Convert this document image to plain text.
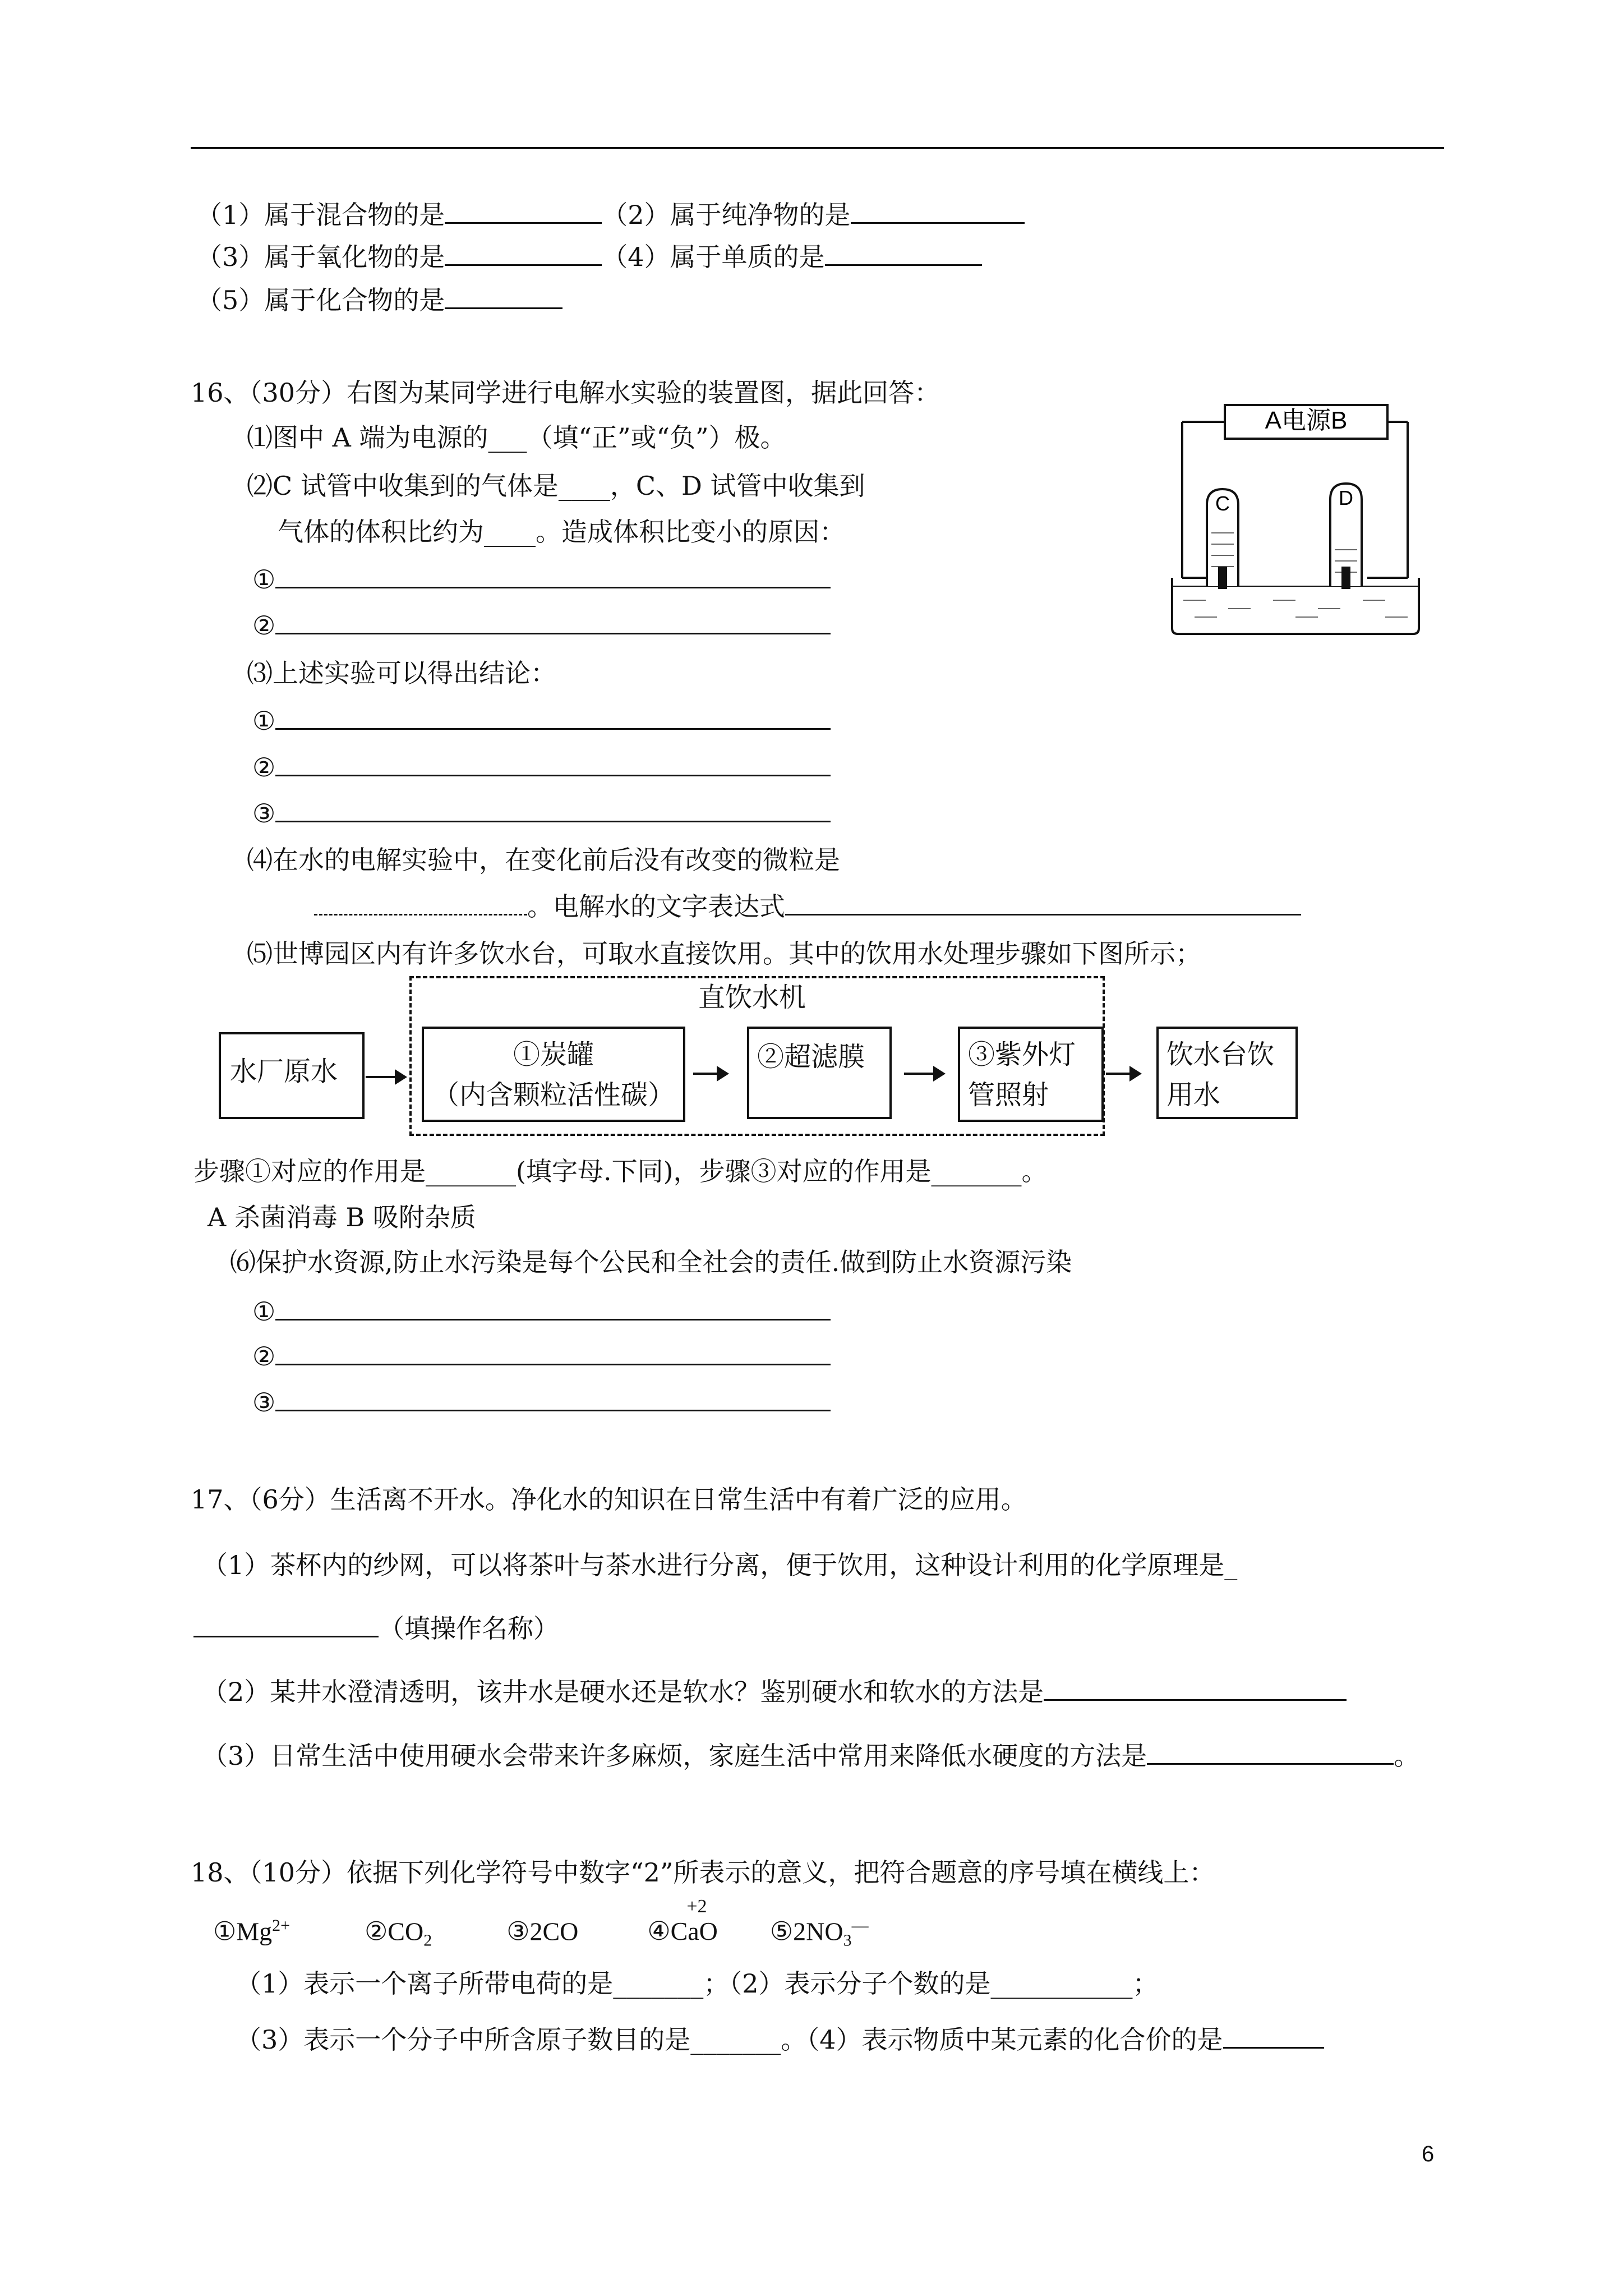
（1）属于混合物的是	（2）属于纯净物的是
（3）属于氧化物的是	（4）属于单质的是
（5）属于化合物的是
16、（30分）右图为某同学进行电解水实验的装置图，据此回答：
⑴图中 A 端为电源的___（填“正”或“负”）极。
⑵C 试管中收集到的气体是____，C、D 试管中收集到
气体的体积比约为____。造成体积比变小的原因：
①
②
⑶上述实验可以得出结论：
①
②
③
⑷在水的电解实验中，在变化前后没有改变的微粒是
。电解水的文字表达式
⑸世博园区内有许多饮水台，可取水直接饮用。其中的饮用水处理步骤如下图所示；
A电源B
C	D
直饮水机
水厂原水
①炭罐
（内含颗粒活性碳）
②超滤膜	③紫外灯
管照射
饮水台饮
用水
步骤①对应的作用是_______(填字母.下同)，步骤③对应的作用是_______。
A 杀菌消毒 B 吸附杂质
⑹保护水资源,防止水污染是每个公民和全社会的责任.做到防止水资源污染
①
②
③
17、（6分）生活离不开水。净化水的知识在日常生活中有着广泛的应用。
（1）茶杯内的纱网，可以将茶叶与茶水进行分离，便于饮用，这种设计利用的化学原理是_
（填操作名称）
（2）某井水澄清透明，该井水是硬水还是软水？鉴别硬水和软水的方法是
（3）日常生活中使用硬水会带来许多麻烦，家庭生活中常用来降低水硬度的方法是	。
18、（10分）依据下列化学符号中数字“2”所表示的意义，把符合题意的序号填在横线上：
$①Mg^{2+}$	$②CO_2$	③2CO	④CaO
+2
$⑤2NO_3^—$
（1）表示一个离子所带电荷的是_______；（2）表示分子个数的是___________；
（3）表示一个分子中所含原子数目的是_______。（4）表示物质中某元素的化合价的是
6
